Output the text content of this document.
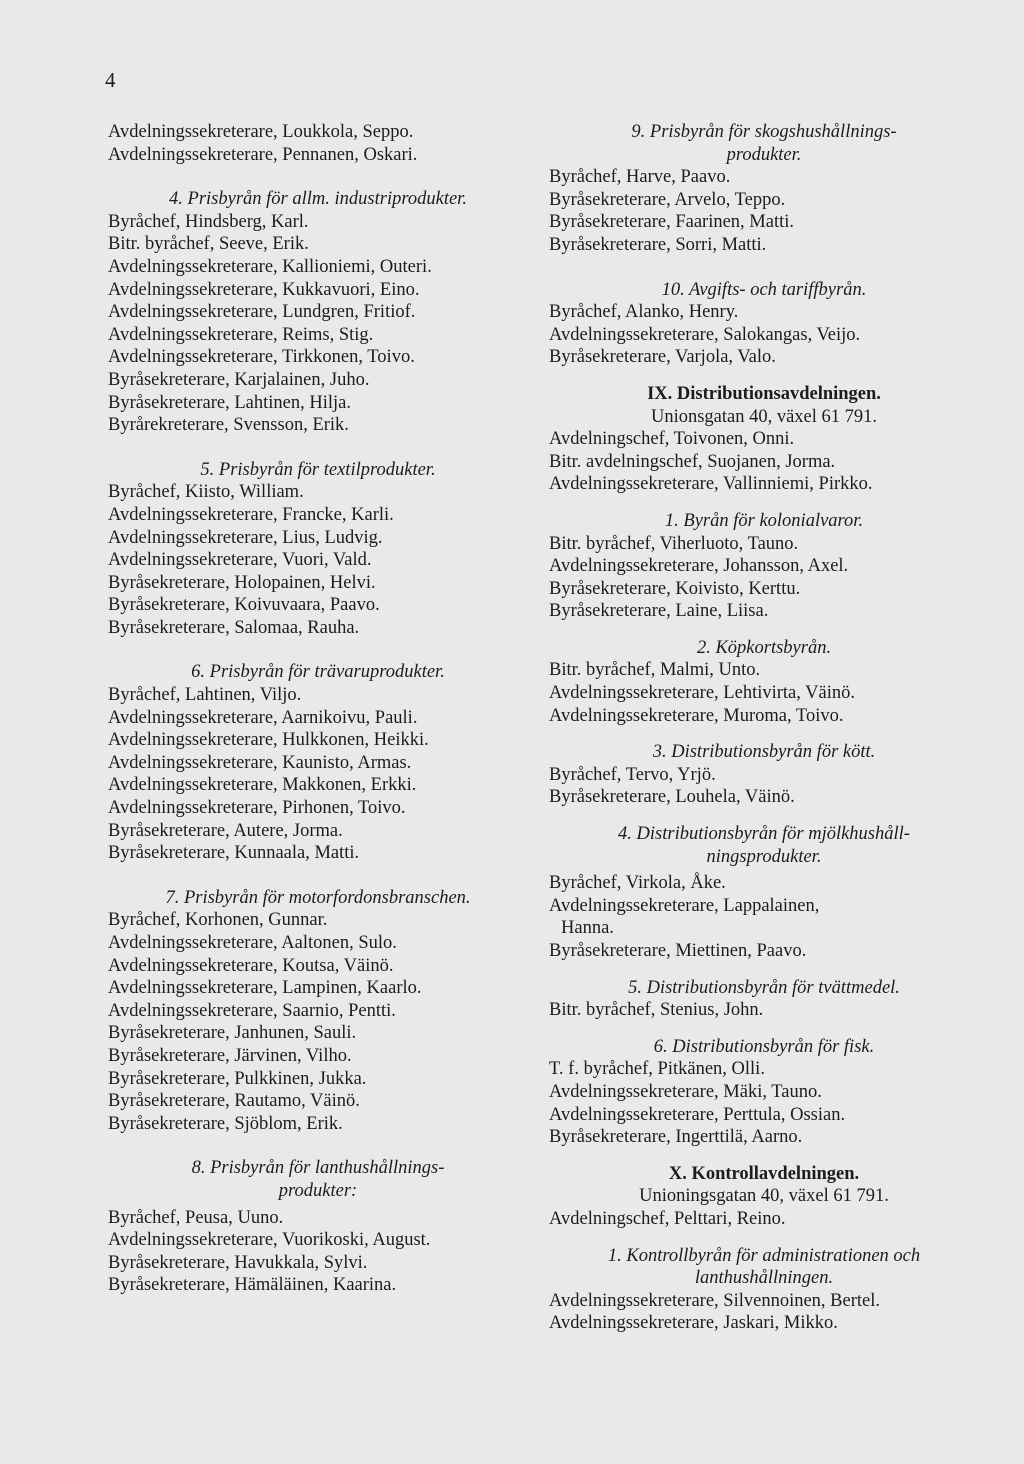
4
Avdelningssekreterare, Loukkola, Seppo.
Avdelningssekreterare, Pennanen, Oskari.
4. Prisbyrån för allm. industriprodukter.
Byråchef, Hindsberg, Karl.
Bitr. byråchef, Seeve, Erik.
Avdelningssekreterare, Kallioniemi, Outeri.
Avdelningssekreterare, Kukkavuori, Eino.
Avdelningssekreterare, Lundgren, Fritiof.
Avdelningssekreterare, Reims, Stig.
Avdelningssekreterare, Tirkkonen, Toivo.
Byråsekreterare, Karjalainen, Juho.
Byråsekreterare, Lahtinen, Hilja.
Byrårekreterare, Svensson, Erik.
5. Prisbyrån för textilprodukter.
Byråchef, Kiisto, William.
Avdelningssekreterare, Francke, Karli.
Avdelningssekreterare, Lius, Ludvig.
Avdelningssekreterare, Vuori, Vald.
Byråsekreterare, Holopainen, Helvi.
Byråsekreterare, Koivuvaara, Paavo.
Byråsekreterare, Salomaa, Rauha.
6. Prisbyrån för trävaruprodukter.
Byråchef, Lahtinen, Viljo.
Avdelningssekreterare, Aarnikoivu, Pauli.
Avdelningssekreterare, Hulkkonen, Heikki.
Avdelningssekreterare, Kaunisto, Armas.
Avdelningssekreterare, Makkonen, Erkki.
Avdelningssekreterare, Pirhonen, Toivo.
Byråsekreterare, Autere, Jorma.
Byråsekreterare, Kunnaala, Matti.
7. Prisbyrån för motorfordonsbranschen.
Byråchef, Korhonen, Gunnar.
Avdelningssekreterare, Aaltonen, Sulo.
Avdelningssekreterare, Koutsa, Väinö.
Avdelningssekreterare, Lampinen, Kaarlo.
Avdelningssekreterare, Saarnio, Pentti.
Byråsekreterare, Janhunen, Sauli.
Byråsekreterare, Järvinen, Vilho.
Byråsekreterare, Pulkkinen, Jukka.
Byråsekreterare, Rautamo, Väinö.
Byråsekreterare, Sjöblom, Erik.
8. Prisbyrån för lanthushållnings-
produkter:
Byråchef, Peusa, Uuno.
Avdelningssekreterare, Vuorikoski, August.
Byråsekreterare, Havukkala, Sylvi.
Byråsekreterare, Hämäläinen, Kaarina.
9. Prisbyrån för skogshushållnings-
produkter.
Byråchef, Harve, Paavo.
Byråsekreterare, Arvelo, Teppo.
Byråsekreterare, Faarinen, Matti.
Byråsekreterare, Sorri, Matti.
10. Avgifts- och tariffbyrån.
Byråchef, Alanko, Henry.
Avdelningssekreterare, Salokangas, Veijo.
Byråsekreterare, Varjola, Valo.
IX. Distributionsavdelningen.
Unionsgatan 40, växel 61 791.
Avdelningschef, Toivonen, Onni.
Bitr. avdelningschef, Suojanen, Jorma.
Avdelningssekreterare, Vallinniemi, Pirkko.
1. Byrån för kolonialvaror.
Bitr. byråchef, Viherluoto, Tauno.
Avdelningssekreterare, Johansson, Axel.
Byråsekreterare, Koivisto, Kerttu.
Byråsekreterare, Laine, Liisa.
2. Köpkortsbyrån.
Bitr. byråchef, Malmi, Unto.
Avdelningssekreterare, Lehtivirta, Väinö.
Avdelningssekreterare, Muroma, Toivo.
3. Distributionsbyrån för kött.
Byråchef, Tervo, Yrjö.
Byråsekreterare, Louhela, Väinö.
4. Distributionsbyrån för mjölkhushåll-
ningsprodukter.
Byråchef, Virkola, Åke.
Avdelningssekreterare, Lappalainen,
Hanna.
Byråsekreterare, Miettinen, Paavo.
5. Distributionsbyrån för tvättmedel.
Bitr. byråchef, Stenius, John.
6. Distributionsbyrån för fisk.
T. f. byråchef, Pitkänen, Olli.
Avdelningssekreterare, Mäki, Tauno.
Avdelningssekreterare, Perttula, Ossian.
Byråsekreterare, Ingerttilä, Aarno.
X. Kontrollavdelningen.
Unioningsgatan 40, växel 61 791.
Avdelningschef, Pelttari, Reino.
1. Kontrollbyrån för administrationen och
lanthushållningen.
Avdelningssekreterare, Silvennoinen, Bertel.
Avdelningssekreterare, Jaskari, Mikko.
